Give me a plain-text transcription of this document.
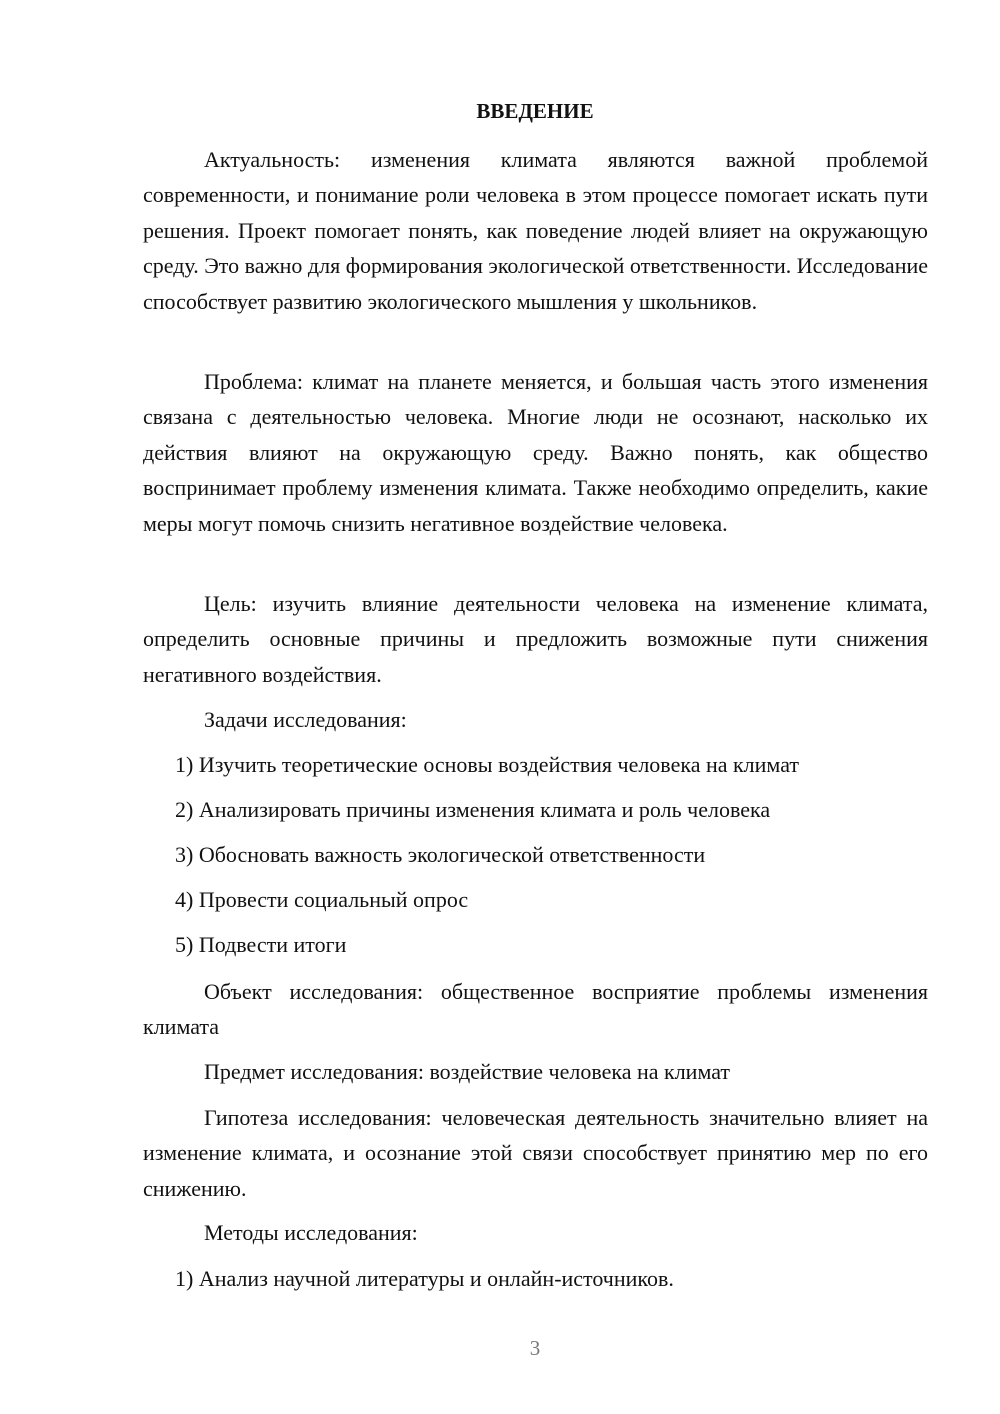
ВВЕДЕНИЕ
Актуальность: изменения климата являются важной проблемой современности, и понимание роли человека в этом процессе помогает искать пути решения. Проект помогает понять, как поведение людей влияет на окружающую среду. Это важно для формирования экологической ответственности. Исследование способствует развитию экологического мышления у школьников.
Проблема: климат на планете меняется, и большая часть этого изменения связана с деятельностью человека. Многие люди не осознают, насколько их действия влияют на окружающую среду. Важно понять, как общество воспринимает проблему изменения климата. Также необходимо определить, какие меры могут помочь снизить негативное воздействие человека.
Цель: изучить влияние деятельности человека на изменение климата, определить основные причины и предложить возможные пути снижения негативного воздействия.
Задачи исследования:
1) Изучить теоретические основы воздействия человека на климат
2) Анализировать причины изменения климата и роль человека
3) Обосновать важность экологической ответственности
4) Провести социальный опрос
5) Подвести итоги
Объект исследования: общественное восприятие проблемы изменения климата
Предмет исследования: воздействие человека на климат
Гипотеза исследования: человеческая деятельность значительно влияет на изменение климата, и осознание этой связи способствует принятию мер по его снижению.
Методы исследования:
1) Анализ научной литературы и онлайн-источников.
3
